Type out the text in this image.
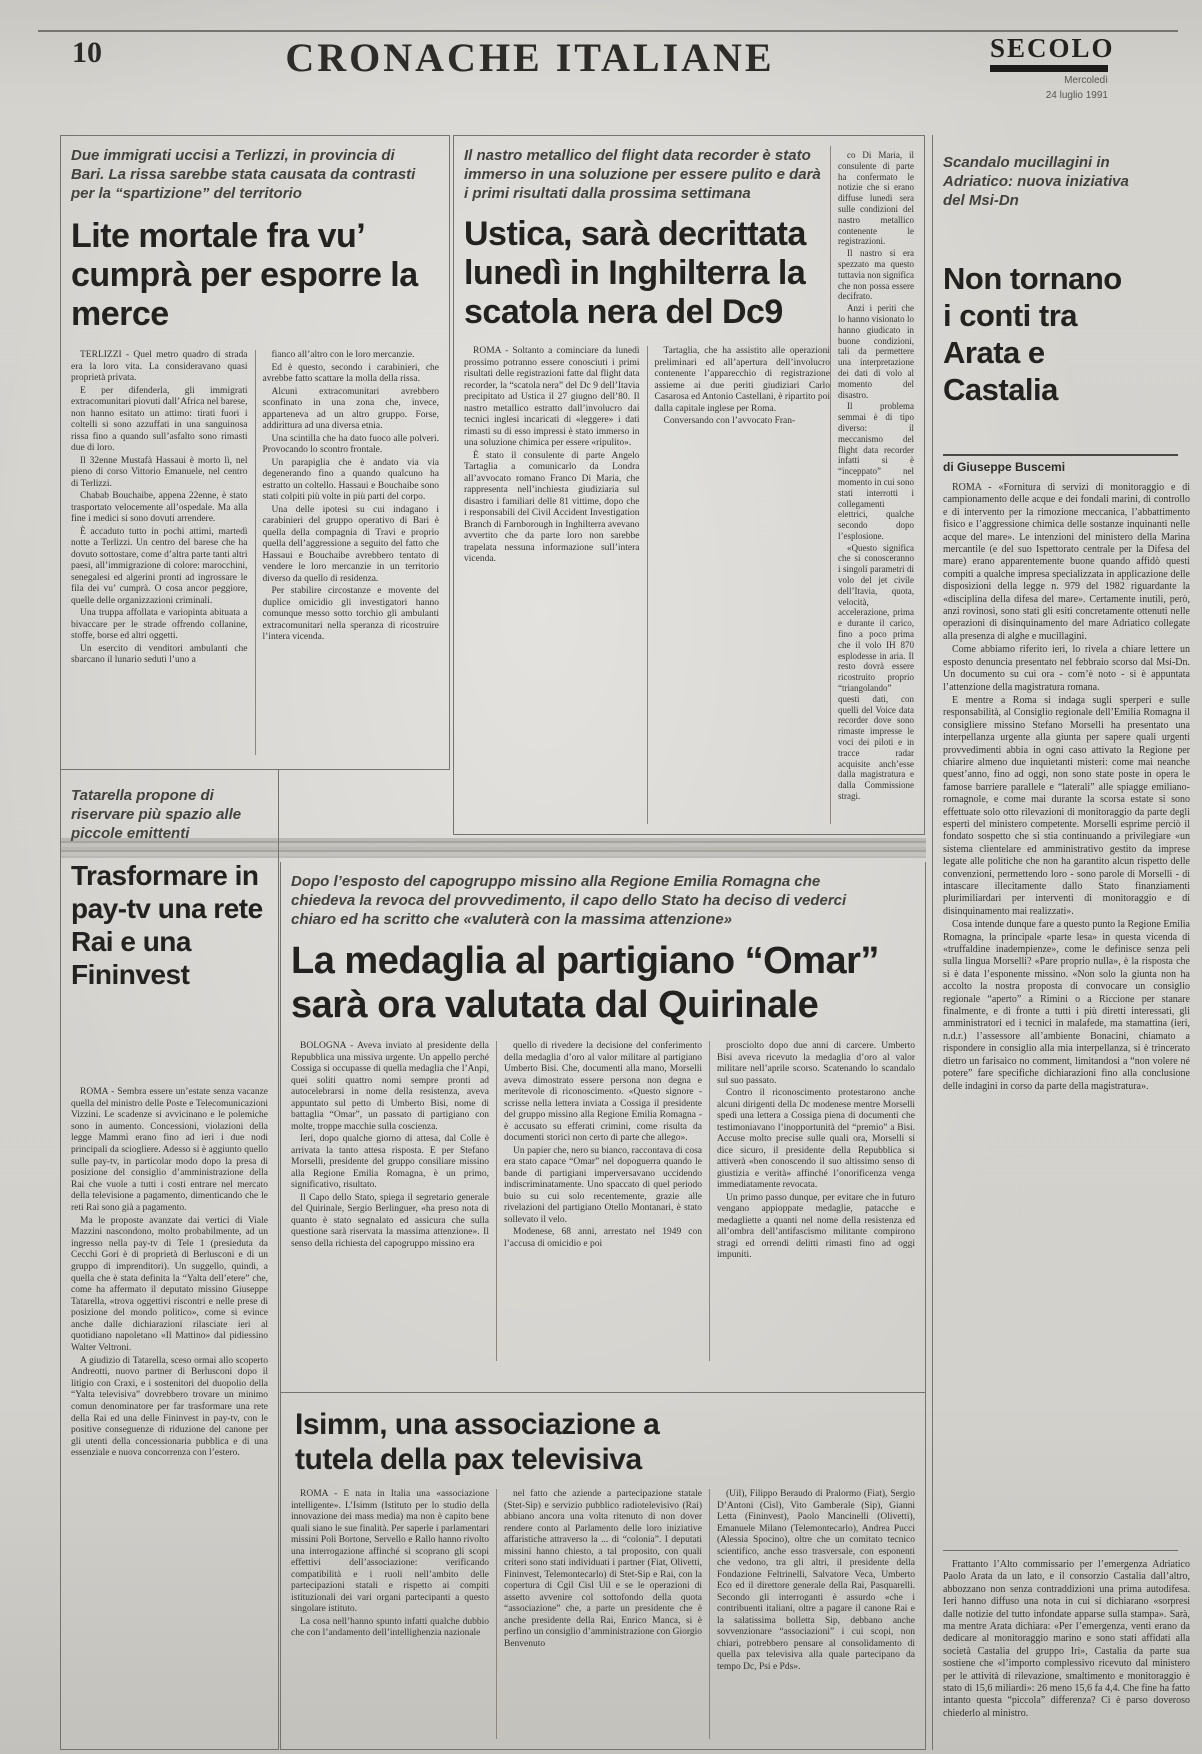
10	CRONACHE ITALIANE	SECOLO
Mercoledì
24 luglio 1991
Due immigrati uccisi a Terlizzi, in provincia di Bari. La rissa sarebbe stata causata da contrasti per la “spartizione” del territorio
Lite mortale fra vu’ cumprà per esporre la merce

TERLIZZI - Quel metro quadro di strada era la loro vita. La consideravano quasi proprietà privata.

E per difenderla, gli immigrati extracomunitari piovuti dall’Africa nel barese, non hanno esitato un attimo: tirati fuori i coltelli si sono azzuffati in una sanguinosa rissa fino a quando sull’asfalto sono rimasti due di loro.

Il 32enne Mustafà Hassaui è morto lì, nel pieno di corso Vittorio Emanuele, nel centro di Terlizzi.

Chabab Bouchaibe, appena 22enne, è stato trasportato velocemente all’ospedale. Ma alla fine i medici si sono dovuti arrendere.

È accaduto tutto in pochi attimi, martedì notte a Terlizzi. Un centro del barese che ha dovuto sottostare, come d’altra parte tanti altri paesi, all’immigrazione di colore: marocchini, senegalesi ed algerini pronti ad ingrossare le fila dei vu’ cumprà. O cosa ancor peggiore, quelle delle organizzazioni criminali.

Una truppa affollata e variopinta abituata a bivaccare per le strade offrendo collanine, stoffe, borse ed altri oggetti.

Un esercito di venditori ambulanti che sbarcano il lunario seduti l’uno a

fianco all’altro con le loro mercanzie.

Ed è questo, secondo i carabinieri, che avrebbe fatto scattare la molla della rissa.

Alcuni extracomunitari avrebbero sconfinato in una zona che, invece, apparteneva ad un altro gruppo. Forse, addirittura ad una diversa etnia.

Una scintilla che ha dato fuoco alle polveri. Provocando lo scontro frontale.

Un parapiglia che è andato via via degenerando fino a quando qualcuno ha estratto un coltello. Hassaui e Bouchaibe sono stati colpiti più volte in più parti del corpo.

Una delle ipotesi su cui indagano i carabinieri del gruppo operativo di Bari è quella della compagnia di Travi e proprio quella dell’aggressione a seguito del fatto che Hassaui e Bouchaibe avrebbero tentato di vendere le loro mercanzie in un territorio diverso da quello di residenza.

Per stabilire circostanze e movente del duplice omicidio gli investigatori hanno comunque messo sotto torchio gli ambulanti extracomunitari nella speranza di ricostruire l’intera vicenda.

Il nastro metallico del flight data recorder è stato immerso in una soluzione per essere pulito e darà i primi risultati dalla prossima settimana
Ustica, sarà decrittata lunedì in Inghilterra la scatola nera del Dc9

ROMA - Soltanto a cominciare da lunedì prossimo potranno essere conosciuti i primi risultati delle registrazioni fatte dal flight data recorder, la “scatola nera” del Dc 9 dell’Itavia precipitato ad Ustica il 27 giugno dell’80. Il nastro metallico estratto dall’involucro dai tecnici inglesi incaricati di «leggere» i dati rimasti su di esso impressi è stato immerso in una soluzione chimica per essere «ripulito».

È stato il consulente di parte Angelo Tartaglia a comunicarlo da Londra all’avvocato romano Franco Di Maria, che rappresenta nell’inchiesta giudiziaria sul disastro i familiari delle 81 vittime, dopo che i responsabili del Civil Accident Investigation Branch di Farnborough in Inghilterra avevano avvertito che da parte loro non sarebbe trapelata nessuna informazione sull’intera vicenda.

Tartaglia, che ha assistito alle operazioni preliminari ed all’apertura dell’involucro contenente l’apparecchio di registrazione assieme ai due periti giudiziari Carlo Casarosa ed Antonio Castellani, è ripartito poi dalla capitale inglese per Roma.

Conversando con l’avvocato Fran-

co Di Maria, il consulente di parte ha confermato le notizie che si erano diffuse lunedì sera sulle condizioni del nastro metallico contenente le registrazioni.

Il nastro si era spezzato ma questo tuttavia non significa che non possa essere decifrato.

Anzi i periti che lo hanno visionato lo hanno giudicato in buone condizioni, tali da permettere una interpretazione dei dati di volo al momento del disastro.

Il problema semmai è di tipo diverso: il meccanismo del flight data recorder infatti si è “inceppato” nel momento in cui sono stati interrotti i collegamenti elettrici, qualche secondo dopo l’esplosione.

«Questo significa che si conosceranno i singoli parametri di volo del jet civile dell’Itavia, quota, velocità, accelerazione, prima e durante il carico, fino a poco prima che il volo IH 870 esplodesse in aria. Il resto dovrà essere ricostruito proprio “triangolando” questi dati, con quelli del Voice data recorder dove sono rimaste impresse le voci dei piloti e in tracce radar acquisite anch’esse dalla magistratura e dalla Commissione stragi.

Tatarella propone di riservare più spazio alle piccole emittenti
Trasformare in pay-tv una rete Rai e una Fininvest

ROMA - Sembra essere un’estate senza vacanze quella del ministro delle Poste e Telecomunicazioni Vizzini. Le scadenze si avvicinano e le polemiche sono in aumento. Concessioni, violazioni della legge Mammì erano fino ad ieri i due nodi principali da sciogliere. Adesso si è aggiunto quello sulle pay-tv, in particolar modo dopo la presa di posizione del consiglio d’amministrazione della Rai che vuole a tutti i costi entrare nel mercato della televisione a pagamento, dimenticando che le reti Rai sono già a pagamento.

Ma le proposte avanzate dai vertici di Viale Mazzini nascondono, molto probabilmente, ad un ingresso nella pay-tv di Tele 1 (presieduta da Cecchi Gori è di proprietà di Berlusconi e di un gruppo di imprenditori). Un suggello, quindi, a quella che è stata definita la “Yalta dell’etere” che, come ha affermato il deputato missino Giuseppe Tatarella, «trova oggettivi riscontri e nelle prese di posizione del mondo politico», come si evince anche dalle dichiarazioni rilasciate ieri al quotidiano napoletano «Il Mattino» dal pidiessino Walter Veltroni.

A giudizio di Tatarella, sceso ormai allo scoperto Andreotti, nuovo partner di Berlusconi dopo il litigio con Craxi, e i sostenitori del duopolio della “Yalta televisiva” dovrebbero trovare un minimo comun denominatore per far trasformare una rete della Rai ed una delle Fininvest in pay-tv, con le positive conseguenze di riduzione del canone per gli utenti della concessionaria pubblica e di una essenziale e nuova concorrenza con l’estero.

Dopo l’esposto del capogruppo missino alla Regione Emilia Romagna che chiedeva la revoca del provvedimento, il capo dello Stato ha deciso di vederci chiaro ed ha scritto che «valuterà con la massima attenzione»
La medaglia al partigiano “Omar” sarà ora valutata dal Quirinale

BOLOGNA - Aveva inviato al presidente della Repubblica una missiva urgente. Un appello perché Cossiga si occupasse di quella medaglia che l’Anpi, quei soliti quattro nomi sempre pronti ad autocelebrarsi in nome della resistenza, aveva appuntato sul petto di Umberto Bisi, nome di battaglia “Omar”, un passato di partigiano con molte, troppe macchie sulla coscienza.

Ieri, dopo qualche giorno di attesa, dal Colle è arrivata la tanto attesa risposta. E per Stefano Morselli, presidente del gruppo consiliare missino alla Regione Emilia Romagna, è un primo, significativo, risultato.

Il Capo dello Stato, spiega il segretario generale del Quirinale, Sergio Berlinguer, «ha preso nota di quanto è stato segnalato ed assicura che sulla questione sarà riservata la massima attenzione». Il senso della richiesta del capogruppo missino era

quello di rivedere la decisione del conferimento della medaglia d’oro al valor militare al partigiano Umberto Bisi. Che, documenti alla mano, Morselli aveva dimostrato essere persona non degna e meritevole di riconoscimento. «Questo signore - scrisse nella lettera inviata a Cossiga il presidente del gruppo missino alla Regione Emilia Romagna - è accusato su efferati crimini, come risulta da documenti storici non certo di parte che allego».

Un papier che, nero su bianco, raccontava di cosa era stato capace “Omar” nel dopoguerra quando le bande di partigiani imperversavano uccidendo indiscriminatamente. Uno spaccato di quel periodo buio su cui solo recentemente, grazie alle rivelazioni del partigiano Otello Montanari, è stato sollevato il velo.

Modenese, 68 anni, arrestato nel 1949 con l’accusa di omicidio e poi

prosciolto dopo due anni di carcere. Umberto Bisi aveva ricevuto la medaglia d’oro al valor militare nell’aprile scorso. Scatenando lo scandalo sul suo passato.

Contro il riconoscimento protestarono anche alcuni dirigenti della Dc modenese mentre Morselli spedì una lettera a Cossiga piena di documenti che testimoniavano l’inopportunità del “premio” a Bisi. Accuse molto precise sulle quali ora, Morselli si dice sicuro, il presidente della Repubblica si attiverà «ben conoscendo il suo altissimo senso di giustizia e verità» affinché l’onorificenza venga immediatamente revocata.

Un primo passo dunque, per evitare che in futuro vengano appioppate medaglie, patacche e medagliette a quanti nel nome della resistenza ed all’ombra dell’antifascismo militante compirono stragi ed orrendi delitti rimasti fino ad oggi impuniti.

Isimm, una associazione a tutela della pax televisiva

ROMA - È nata in Italia una «associazione intelligente». L’Isimm (Istituto per lo studio della innovazione dei mass media) ma non è capito bene quali siano le sue finalità. Per saperle i parlamentari missini Poli Bortone, Servello e Rallo hanno rivolto una interrogazione affinché si scoprano gli scopi effettivi dell’associazione: verificando compatibilità e i ruoli nell’ambito delle partecipazioni statali e rispetto ai compiti istituzionali dei vari organi partecipanti a questo singolare istituto.

La cosa nell’hanno spunto infatti qualche dubbio che con l’andamento dell’intellighenzia nazionale

nel fatto che aziende a partecipazione statale (Stet-Sip) e servizio pubblico radiotelevisivo (Rai) abbiano ancora una volta ritenuto di non dover rendere conto al Parlamento delle loro iniziative affaristiche attraverso la ... di “colonia”. I deputati missini hanno chiesto, a tal proposito, con quali criteri sono stati individuati i partner (Fiat, Olivetti, Fininvest, Telemontecarlo) di Stet-Sip e Rai, con la copertura di Cgil Cisl Uil e se le operazioni di assetto avvenire col sottofondo della quota “associazione” che, a parte un presidente che è anche presidente della Rai, Enrico Manca, si è perfino un consiglio d’amministrazione con Giorgio Benvenuto

(Uil), Filippo Beraudo di Pralormo (Fiat), Sergio D’Antoni (Cisl), Vito Gamberale (Sip), Gianni Letta (Fininvest), Paolo Mancinelli (Olivetti), Emanuele Milano (Telemontecarlo), Andrea Pucci (Alessia Spocino), oltre che un comitato tecnico scientifico, anche esso trasversale, con esponenti che vedono, tra gli altri, il presidente della Fondazione Feltrinelli, Salvatore Veca, Umberto Eco ed il direttore generale della Rai, Pasquarelli. Secondo gli interroganti è assurdo «che i contribuenti italiani, oltre a pagare il canone Rai e la salatissima bolletta Sip, debbano anche sovvenzionare “associazioni” i cui scopi, non chiari, potrebbero pensare al consolidamento di quella pax televisiva alla quale partecipano da tempo Dc, Psi e Pds».

Scandalo mucillagini in Adriatico: nuova iniziativa del Msi-Dn
Non tornano i conti tra Arata e Castalia
di Giuseppe Buscemi

ROMA - «Fornitura di servizi di monitoraggio e di campionamento delle acque e dei fondali marini, di controllo e di intervento per la rimozione meccanica, l’abbattimento fisico e l’aggressione chimica delle sostanze inquinanti nelle acque del mare». Le intenzioni del ministero della Marina mercantile (e del suo Ispettorato centrale per la Difesa del mare) erano apparentemente buone quando affidò questi compiti a qualche impresa specializzata in applicazione delle disposizioni della legge n. 979 del 1982 riguardante la «disciplina della difesa del mare». Certamente inutili, però, anzi rovinosi, sono stati gli esiti concretamente ottenuti nelle operazioni di disinquinamento del mare Adriatico collegate alla presenza di alghe e mucillagini.

Come abbiamo riferito ieri, lo rivela a chiare lettere un esposto denuncia presentato nel febbraio scorso dal Msi-Dn. Un documento su cui ora - com’è noto - si è appuntata l’attenzione della magistratura romana.

E mentre a Roma si indaga sugli sperperi e sulle responsabilità, al Consiglio regionale dell’Emilia Romagna il consigliere missino Stefano Morselli ha presentato una interpellanza urgente alla giunta per sapere quali urgenti provvedimenti abbia in ogni caso attivato la Regione per chiarire almeno due inquietanti misteri: come mai neanche quest’anno, fino ad oggi, non sono state poste in opera le famose barriere parallele e “laterali” alle spiagge emiliano-romagnole, e come mai durante la scorsa estate si sono effettuate solo otto rilevazioni di monitoraggio da parte degli esperti del ministero competente. Morselli esprime perciò il fondato sospetto che si stia continuando a privilegiare «un sistema clientelare ed amministrativo gestito da imprese legate alle politiche che non ha garantito alcun rispetto delle convenzioni, permettendo loro - sono parole di Morselli - di intascare illecitamente dallo Stato finanziamenti plurimiliardari per interventi di monitoraggio e di disinquinamento mai realizzati».

Cosa intende dunque fare a questo punto la Regione Emilia Romagna, la principale «parte lesa» in questa vicenda di «truffaldine inadempienze», come le definisce senza peli sulla lingua Morselli? «Pare proprio nulla», è la risposta che si è data l’esponente missino. «Non solo la giunta non ha accolto la nostra proposta di convocare un consiglio regionale “aperto” a Rimini o a Riccione per stanare finalmente, e di fronte a tutti i più diretti interessati, gli amministratori ed i tecnici in malafede, ma stamattina (ieri, n.d.r.) l’assessore all’ambiente Bonacini, chiamato a rispondere in consiglio alla mia interpellanza, si è trincerato dietro un farisaico no comment, limitandosi a “non volere né potere” fare specifiche dichiarazioni fino alla conclusione delle indagini in corso da parte della magistratura».

Frattanto l’Alto commissario per l’emergenza Adriatico Paolo Arata da un lato, e il consorzio Castalia dall’altro, abbozzano non senza contraddizioni una prima autodifesa. Ieri hanno diffuso una nota in cui si dichiarano «sorpresi dalle notizie del tutto infondate apparse sulla stampa». Sarà, ma mentre Arata dichiara: «Per l’emergenza, venti erano da dedicare al monitoraggio marino e sono stati affidati alla società Castalia del gruppo Iri», Castalia da parte sua sostiene che «l’importo complessivo ricevuto dal ministero per le attività di rilevazione, smaltimento e monitoraggio è stato di 15,6 miliardi»: 26 meno 15,6 fa 4,4. Che fine ha fatto intanto questa “piccola” differenza? Ci è parso doveroso chiederlo al ministro.
